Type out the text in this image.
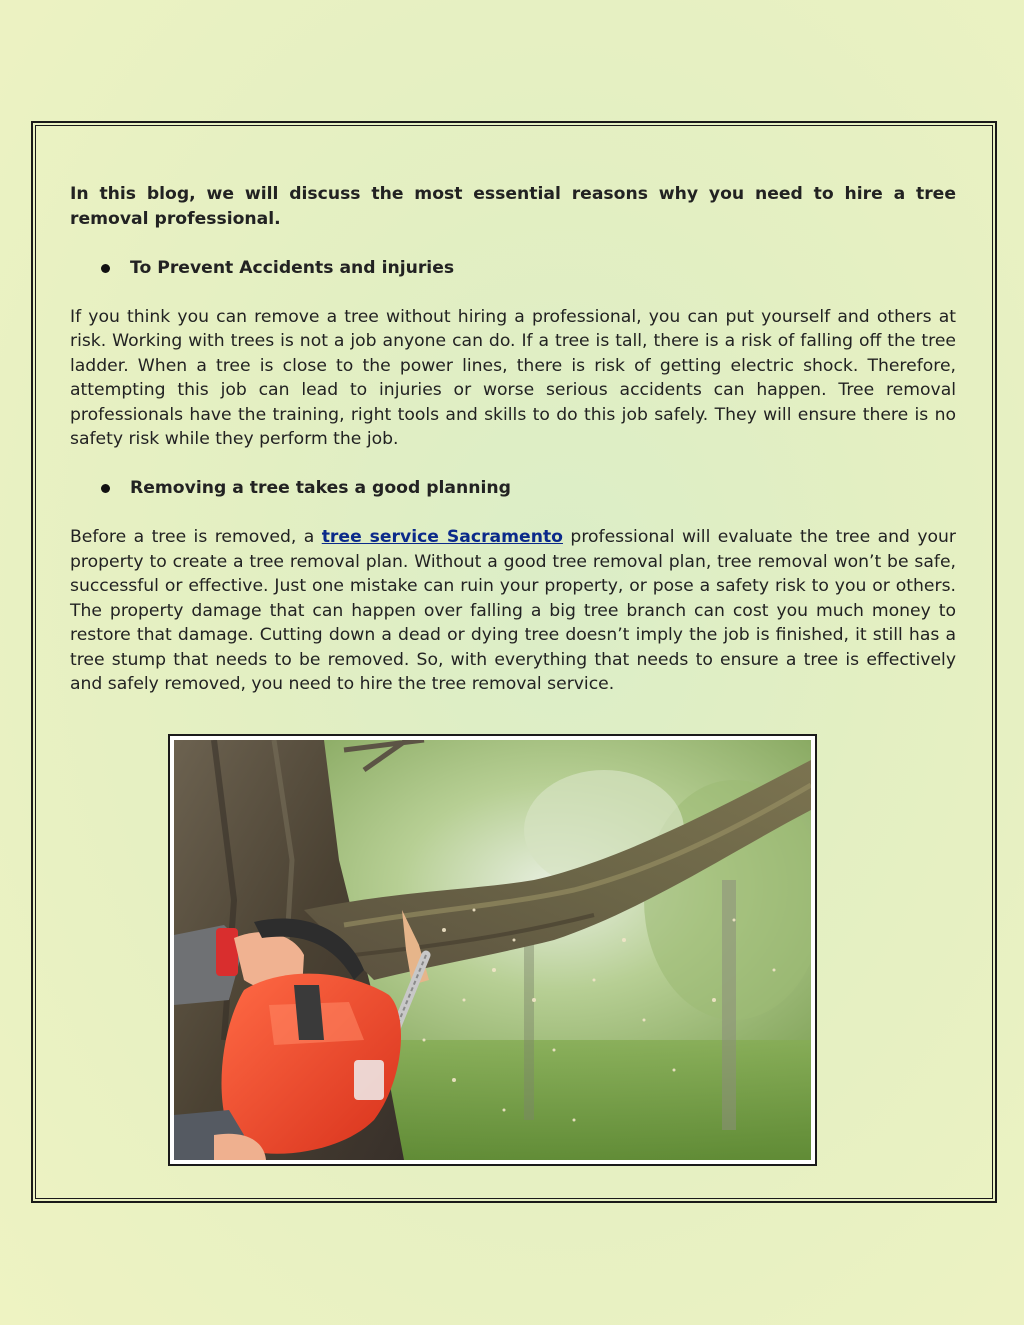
In this blog, we will discuss the most essential reasons why you need to hire a tree removal professional.

To Prevent Accidents and injuries

If you think you can remove a tree without hiring a professional, you can put yourself and others at risk. Working with trees is not a job anyone can do. If a tree is tall, there is a risk of falling off the tree ladder. When a tree is close to the power lines, there is risk of getting electric shock. Therefore, attempting this job can lead to injuries or worse serious accidents can happen. Tree removal professionals have the training, right tools and skills to do this job safely. They will ensure there is no safety risk while they perform the job.

Removing a tree takes a good planning

Before a tree is removed, a tree service Sacramento professional will evaluate the tree and your property to create a tree removal plan. Without a good tree removal plan, tree removal won’t be safe, successful or effective. Just one mistake can ruin your property, or pose a safety risk to you or others. The property damage that can happen over falling a big tree branch can cost you much money to restore that damage. Cutting down a dead or dying tree doesn’t imply the job is finished, it still has a tree stump that needs to be removed. So, with everything that needs to ensure a tree is effectively and safely removed, you need to hire the tree removal service.
